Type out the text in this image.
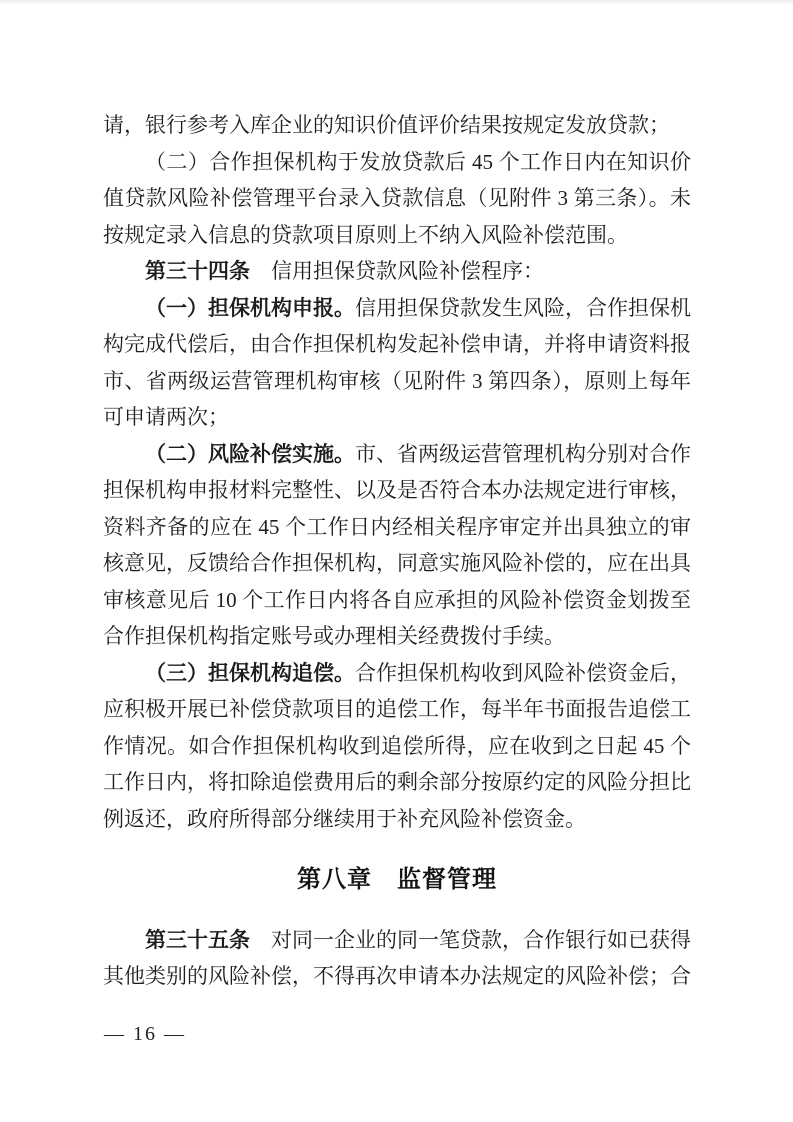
请，银行参考入库企业的知识价值评价结果按规定发放贷款；
（二）合作担保机构于发放贷款后 45 个工作日内在知识价值贷款风险补偿管理平台录入贷款信息（见附件 3 第三条）。未按规定录入信息的贷款项目原则上不纳入风险补偿范围。
第三十四条　信用担保贷款风险补偿程序：
（一）担保机构申报。信用担保贷款发生风险，合作担保机构完成代偿后，由合作担保机构发起补偿申请，并将申请资料报市、省两级运营管理机构审核（见附件 3 第四条），原则上每年可申请两次；
（二）风险补偿实施。市、省两级运营管理机构分别对合作担保机构申报材料完整性、以及是否符合本办法规定进行审核，资料齐备的应在 45 个工作日内经相关程序审定并出具独立的审核意见，反馈给合作担保机构，同意实施风险补偿的，应在出具审核意见后 10 个工作日内将各自应承担的风险补偿资金划拨至合作担保机构指定账号或办理相关经费拨付手续。
（三）担保机构追偿。合作担保机构收到风险补偿资金后，应积极开展已补偿贷款项目的追偿工作，每半年书面报告追偿工作情况。如合作担保机构收到追偿所得，应在收到之日起 45 个工作日内，将扣除追偿费用后的剩余部分按原约定的风险分担比例返还，政府所得部分继续用于补充风险补偿资金。
第八章　监督管理
第三十五条　对同一企业的同一笔贷款，合作银行如已获得其他类别的风险补偿，不得再次申请本办法规定的风险补偿；合
— 16 —
